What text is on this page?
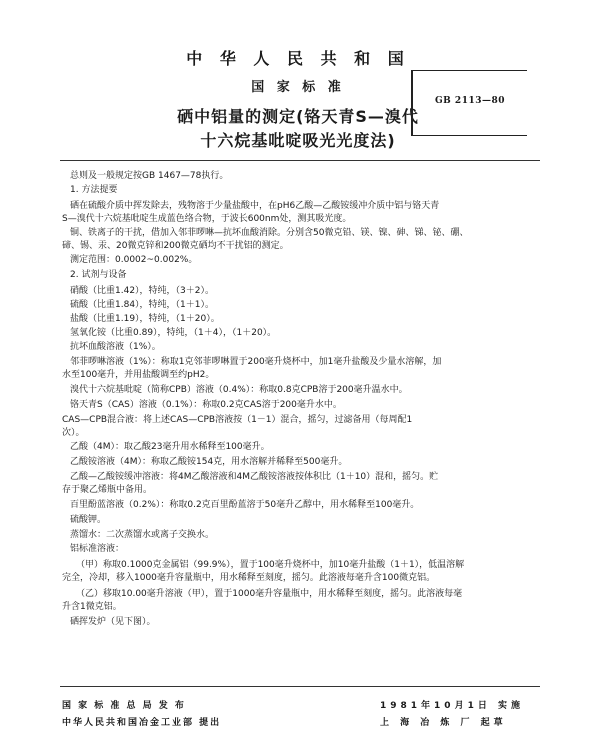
中 华 人 民 共 和 国
国 家 标 准
硒中铝量的测定(铬天青S—溴代
十六烷基吡啶吸光光度法)
GB 2113—80
总则及一般规定按GB 1467—78执行。
1. 方法提要
硒在硫酸介质中挥发除去，残物溶于少量盐酸中，在pH6乙酸—乙酸铵缓冲介质中铝与铬天青
S—溴代十六烷基吡啶生成蓝色络合物，于波长600nm处，测其吸光度。
铜、铁离子的干扰，借加入邻菲啰啉—抗坏血酸消除。分别含50微克铅、镁、镍、砷、锑、铋、硼、
碲、锡、汞、20微克锌和200微克硒均不干扰铝的测定。
测定范围：0.0002~0.002%。
2. 试剂与设备
硝酸（比重1.42），特纯，（3＋2）。
硫酸（比重1.84），特纯，（1＋1）。
盐酸（比重1.19），特纯，（1＋20）。
氢氧化铵（比重0.89），特纯，（1＋4），（1＋20）。
抗坏血酸溶液（1%）。
邻菲啰啉溶液（1%）：称取1克邻菲啰啉置于200毫升烧杯中，加1毫升盐酸及少量水溶解，加
水至100毫升，并用盐酸调至约pH2。
溴代十六烷基吡啶（简称CPB）溶液（0.4%）：称取0.8克CPB溶于200毫升温水中。
铬天青S（CAS）溶液（0.1%）：称取0.2克CAS溶于200毫升水中。
CAS—CPB混合液：将上述CAS—CPB溶液按（1－1）混合，摇匀，过滤备用（每周配1
次）。
乙酸（4M）：取乙酸23毫升用水稀释至100毫升。
乙酸铵溶液（4M）：称取乙酸铵154克，用水溶解并稀释至500毫升。
乙酸—乙酸铵缓冲溶液：将4M乙酸溶液和4M乙酸铵溶液按体积比（1＋10）混和，摇匀。贮
存于聚乙烯瓶中备用。
百里酚蓝溶液（0.2%）：称取0.2克百里酚蓝溶于50毫升乙醇中，用水稀释至100毫升。
硫酸钾。
蒸馏水：二次蒸馏水或离子交换水。
铝标准溶液：
（甲）称取0.1000克金属铝（99.9%），置于100毫升烧杯中，加10毫升盐酸（1＋1），低温溶解
完全，冷却，移入1000毫升容量瓶中，用水稀释至刻度，摇匀。此溶液每毫升含100微克铝。
（乙）移取10.00毫升溶液（甲），置于1000毫升容量瓶中，用水稀释至刻度，摇匀。此溶液每毫
升含1微克铝。
硒挥发炉（见下图）。
国 家 标 准 总 局 发 布	1981年10月1日 实施
中华人民共和国冶金工业部 提出	上 海 冶 炼 厂 起草
